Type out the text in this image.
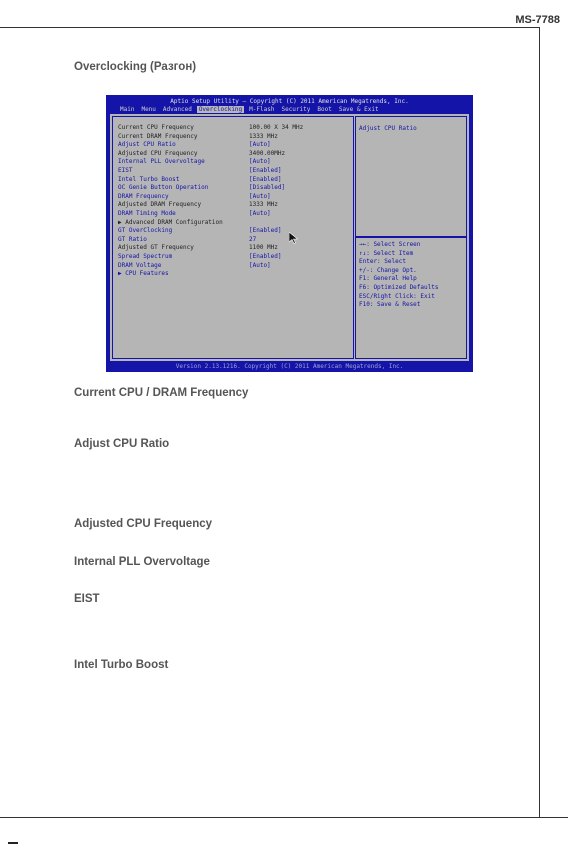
MS-7788
Overclocking (Разгон)
Aptio Setup Utility – Copyright (C) 2011 American Megatrends, Inc.
Main	Menu	Advanced	Overclocking	M-Flash	Security	Boot	Save & Exit
Current CPU Frequency	100.00 X 34 MHz
Current DRAM Frequency	1333 MHz
Adjust CPU Ratio	[Auto]
Adjusted CPU Frequency	3400.00MHz
Internal PLL Overvoltage	[Auto]
EIST	[Enabled]
Intel Turbo Boost	[Enabled]
OC Genie Button Operation	[Disabled]
DRAM Frequency	[Auto]
Adjusted DRAM Frequency	1333 MHz
DRAM Timing Mode	[Auto]
▶ Advanced DRAM Configuration
GT OverClocking	[Enabled]
GT Ratio	27
Adjusted GT Frequency	1100 MHz
Spread Spectrum	[Enabled]
DRAM Voltage	[Auto]
▶ CPU Features
Adjust CPU Ratio
→←: Select Screen
↑↓: Select Item
Enter: Select
+/-: Change Opt.
F1: General Help
F6: Optimized Defaults
ESC/Right Click: Exit
F10: Save & Reset
Version 2.13.1216. Copyright (C) 2011 American Megatrends, Inc.
Current CPU / DRAM Frequency
Adjust CPU Ratio
Adjusted CPU Frequency
Internal PLL Overvoltage
EIST
Intel Turbo Boost
